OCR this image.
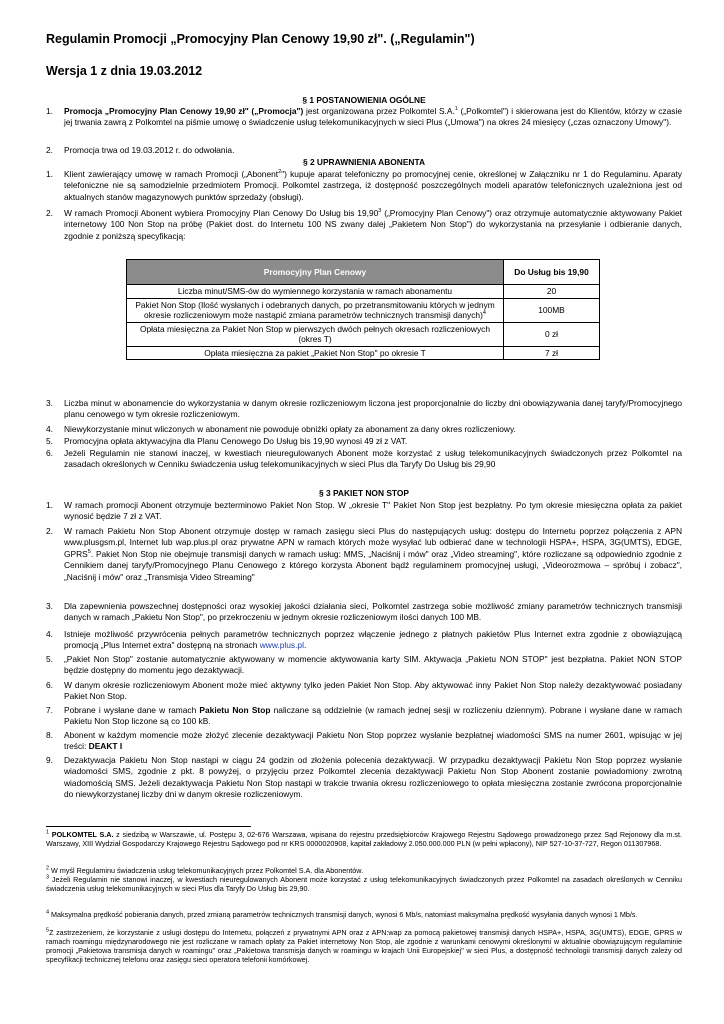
Regulamin Promocji „Promocyjny Plan Cenowy 19,90 zł". („Regulamin")
Wersja 1 z dnia 19.03.2012
§ 1 POSTANOWIENIA OGÓLNE
1. Promocja „Promocyjny Plan Cenowy 19,90 zł" („Promocja") jest organizowana przez Polkomtel S.A.$^1$ („Polkomtel") i skierowana jest do Klientów, którzy w czasie jej trwania zawrą z Polkomtel na piśmie umowę o świadczenie usług telekomunikacyjnych w sieci Plus („Umowa") na okres 24 miesięcy („czas oznaczony Umowy").
2. Promocja trwa od 19.03.2012 r. do odwołania.
§ 2 UPRAWNIENIA ABONENTA
1. Klient zawierający umowę w ramach Promocji („Abonent$^2$") kupuje aparat telefoniczny po promocyjnej cenie, określonej w Załączniku nr 1 do Regulaminu. Aparaty telefoniczne nie są samodzielnie przedmiotem Promocji. Polkomtel zastrzega, iż dostępność poszczególnych modeli aparatów telefonicznych uzależniona jest od aktualnych stanów magazynowych punktów sprzedaży (obsługi).
2. W ramach Promocji Abonent wybiera Promocyjny Plan Cenowy Do Usług bis 19,90$^3$ („Promocyjny Plan Cenowy") oraz otrzymuje automatycznie aktywowany Pakiet internetowy 100 Non Stop na próbę (Pakiet dost. do Internetu 100 NS zwany dalej „Pakietem Non Stop") do wykorzystania na przesyłanie i odbieranie danych, zgodnie z poniższą specyfikacją:
Promocyjny Plan Cenowy	Do Usług bis 19,90
Liczba minut/SMS-ów do wymiennego korzystania w ramach abonamentu	20
Pakiet Non Stop (Ilość wysłanych i odebranych danych, po przetransmitowaniu których w jednym okresie rozliczeniowym może nastąpić zmiana parametrów technicznych transmisji danych)$^4$	100MB
Opłata miesięczna za Pakiet Non Stop w pierwszych dwóch pełnych okresach rozliczeniowych (okres T)	0 zł
Opłata miesięczna za pakiet „Pakiet Non Stop" po okresie T	7 zł
3. Liczba minut w abonamencie do wykorzystania w danym okresie rozliczeniowym liczona jest proporcjonalnie do liczby dni obowiązywania danej taryfy/Promocyjnego planu cenowego w tym okresie rozliczeniowym.
4. Niewykorzystanie minut wliczonych w abonament nie powoduje obniżki opłaty za abonament za dany okres rozliczeniowy.
5. Promocyjna opłata aktywacyjna dla Planu Cenowego Do Usług bis 19,90 wynosi 49 zł z VAT.
6. Jeżeli Regulamin nie stanowi inaczej, w kwestiach nieuregulowanych Abonent może korzystać z usług telekomunikacyjnych świadczonych przez Polkomtel na zasadach określonych w Cenniku świadczenia usług telekomunikacyjnych w sieci Plus dla Taryfy Do Usług bis 29,90
§ 3 PAKIET NON STOP
1. W ramach promocji Abonent otrzymuje bezterminowo Pakiet Non Stop. W „okresie T" Pakiet Non Stop jest bezpłatny. Po tym okresie miesięczna opłata za pakiet wynosić będzie 7 zł z VAT.
2. W ramach Pakietu Non Stop Abonent otrzymuje dostęp w ramach zasięgu sieci Plus do następujących usług: dostępu do Internetu poprzez połączenia z APN www.plusgsm.pl, Internet lub wap.plus.pl oraz prywatne APN w ramach których może wysyłać lub odbierać dane w technologii HSPA+, HSPA, 3G(UMTS), EDGE, GPRS$^5$. Pakiet Non Stop nie obejmuje transmisji danych w ramach usług: MMS, „Naciśnij i mów" oraz „Video streaming", które rozliczane są odpowiednio zgodnie z Cennikiem danej taryfy/Promocyjnego Planu Cenowego z którego korzysta Abonent bądź regulaminem promocyjnej usługi, „Videorozmowa – spróbuj i zobacz", „Naciśnij i mów" oraz „Transmisja Video Streaming"
3. Dla zapewnienia powszechnej dostępności oraz wysokiej jakości działania sieci, Polkomtel zastrzega sobie możliwość zmiany parametrów technicznych transmisji danych w ramach „Pakietu Non Stop", po przekroczeniu w jednym okresie rozliczeniowym ilości danych 100 MB.
4. Istnieje możliwość przywrócenia pełnych parametrów technicznych poprzez włączenie jednego z płatnych pakietów Plus Internet extra zgodnie z obowiązującą promocją „Plus Internet extra" dostępną na stronach www.plus.pl.
5. „Pakiet Non Stop" zostanie automatycznie aktywowany w momencie aktywowania karty SIM. Aktywacja „Pakietu NON STOP" jest bezpłatna. Pakiet NON STOP będzie dostępny do momentu jego dezaktywacji.
6. W danym okresie rozliczeniowym Abonent może mieć aktywny tylko jeden Pakiet Non Stop. Aby aktywować inny Pakiet Non Stop należy dezaktywować posiadany Pakiet Non Stop.
7. Pobrane i wysłane dane w ramach Pakietu Non Stop naliczane są oddzielnie (w ramach jednej sesji w rozliczeniu dziennym). Pobrane i wysłane dane w ramach Pakietu Non Stop liczone są co 100 kB.
8. Abonent w każdym momencie może złożyć zlecenie dezaktywacji Pakietu Non Stop poprzez wysłanie bezpłatnej wiadomości SMS na numer 2601, wpisując w jej treści: DEAKT I
9. Dezaktywacja Pakietu Non Stop nastąpi w ciągu 24 godzin od złożenia polecenia dezaktywacji. W przypadku dezaktywacji Pakietu Non Stop poprzez wysłanie wiadomości SMS, zgodnie z pkt. 8 powyżej, o przyjęciu przez Polkomtel zlecenia dezaktywacji Pakietu Non Stop Abonent zostanie powiadomiony zwrotną wiadomością SMS. Jeżeli dezaktywacja Pakietu Non Stop nastąpi w trakcie trwania okresu rozliczeniowego to opłata miesięczna zostanie zwrócona proporcjonalnie do niewykorzystanej liczby dni w danym okresie rozliczeniowym.
$^1$ POLKOMTEL S.A. z siedzibą w Warszawie, ul. Postępu 3, 02-676 Warszawa, wpisana do rejestru przedsiębiorców Krajowego Rejestru Sądowego prowadzonego przez Sąd Rejonowy dla m.st. Warszawy, XIII Wydział Gospodarczy Krajowego Rejestru Sądowego pod nr KRS 0000020908, kapitał zakładowy 2.050.000.000 PLN (w pełni wpłacony), NIP 527-10-37-727, Regon 011307968.
$^2$ W myśl Regulaminu świadczenia usług telekomunikacyjnych przez Polkomtel S.A. dla Abonentów.
$^3$ Jeżeli Regulamin nie stanowi inaczej, w kwestiach nieuregulowanych Abonent może korzystać z usług telekomunikacyjnych świadczonych przez Polkomtel na zasadach określonych w Cenniku świadczenia usług telekomunikacyjnych w sieci Plus dla Taryfy Do Usług bis 29,90.
$^4$ Maksymalna prędkość pobierania danych, przed zmianą parametrów technicznych transmisji danych, wynosi 6 Mb/s, natomiast maksymalna prędkość wysyłania danych wynosi 1 Mb/s.
$^5$Z zastrzeżeniem, że korzystanie z usługi dostępu do Internetu, połączeń z prywatnymi APN oraz z APN:wap za pomocą pakietowej transmisji danych HSPA+, HSPA, 3G(UMTS), EDGE, GPRS w ramach roamingu międzynarodowego nie jest rozliczane w ramach opłaty za Pakiet internetowy Non Stop, ale zgodnie z warunkami cenowymi określonymi w aktualnie obowiązującym regulaminie promocji „Pakietowa transmisja danych w roamingu" oraz „Pakietowa transmisja danych w roamingu w krajach Unii Europejskiej" w sieci Plus, a dostępność technologii transmisji danych zależy od specyfikacji technicznej telefonu oraz zasięgu sieci operatora telefonii komórkowej.
